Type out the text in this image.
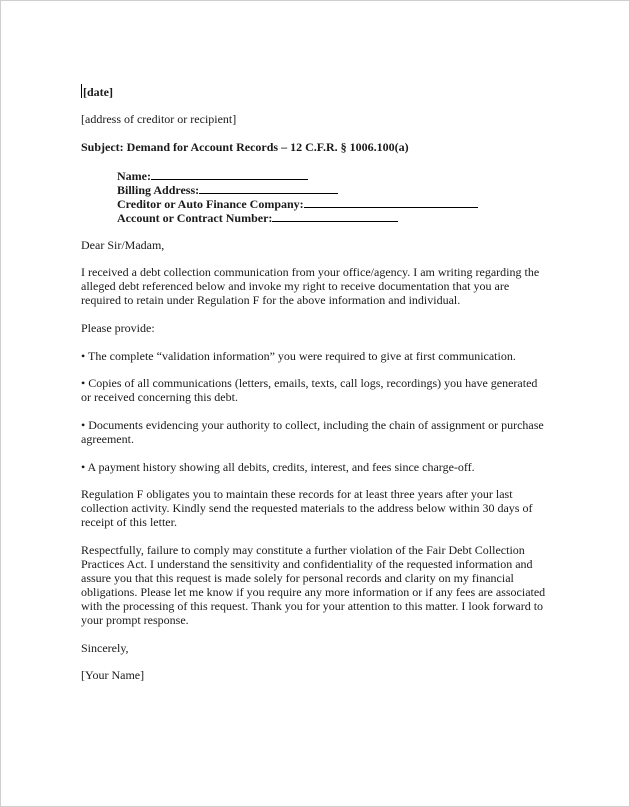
[date]

[address of creditor or recipient]

Subject: Demand for Account Records – 12 C.F.R. § 1006.100(a)

Name:
Billing Address:
Creditor or Auto Finance Company:
Account or Contract Number:

Dear Sir/Madam,

I received a debt collection communication from your office/agency. I am writing regarding the
alleged debt referenced below and invoke my right to receive documentation that you are
required to retain under Regulation F for the above information and individual.

Please provide:

• The complete “validation information” you were required to give at first communication.
• Copies of all communications (letters, emails, texts, call logs, recordings) you have generated
or received concerning this debt.
• Documents evidencing your authority to collect, including the chain of assignment or purchase
agreement.
• A payment history showing all debits, credits, interest, and fees since charge-off.
Regulation F obligates you to maintain these records for at least three years after your last
collection activity. Kindly send the requested materials to the address below within 30 days of
receipt of this letter.
Respectfully, failure to comply may constitute a further violation of the Fair Debt Collection
Practices Act. I understand the sensitivity and confidentiality of the requested information and
assure you that this request is made solely for personal records and clarity on my financial
obligations. Please let me know if you require any more information or if any fees are associated
with the processing of this request. Thank you for your attention to this matter. I look forward to
your prompt response.

Sincerely,

[Your Name]
